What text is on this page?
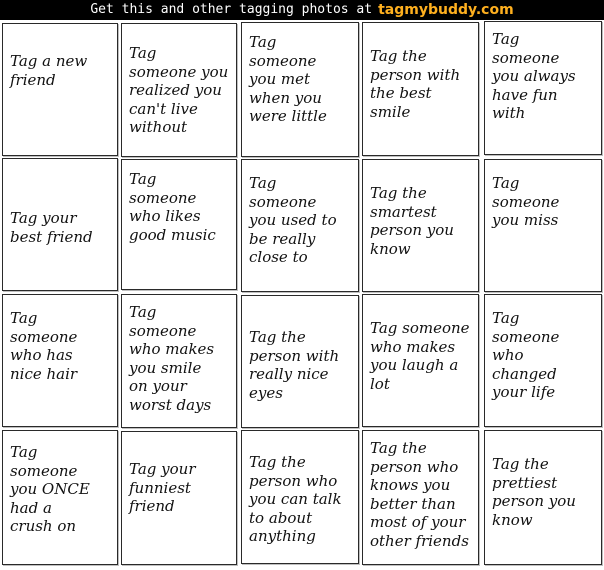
Get this and other tagging photos at tagmybuddy.com
Tag a new
friend
Tag
someone you
realized you
can't live
without
Tag
someone
you met
when you
were little
Tag the
person with
the best
smile
Tag
someone
you always
have fun
with
Tag your
best friend
Tag
someone
who likes
good music
Tag
someone
you used to
be really
close to
Tag the
smartest
person you
know
Tag
someone
you miss
Tag
someone
who has
nice hair
Tag
someone
who makes
you smile
on your
worst days
Tag the
person with
really nice
eyes
Tag someone
who makes
you laugh a
lot
Tag
someone
who
changed
your life
Tag
someone
you ONCE
had a
crush on
Tag your
funniest
friend
Tag the
person who
you can talk
to about
anything
Tag the
person who
knows you
better than
most of your
other friends
Tag the
prettiest
person you
know
